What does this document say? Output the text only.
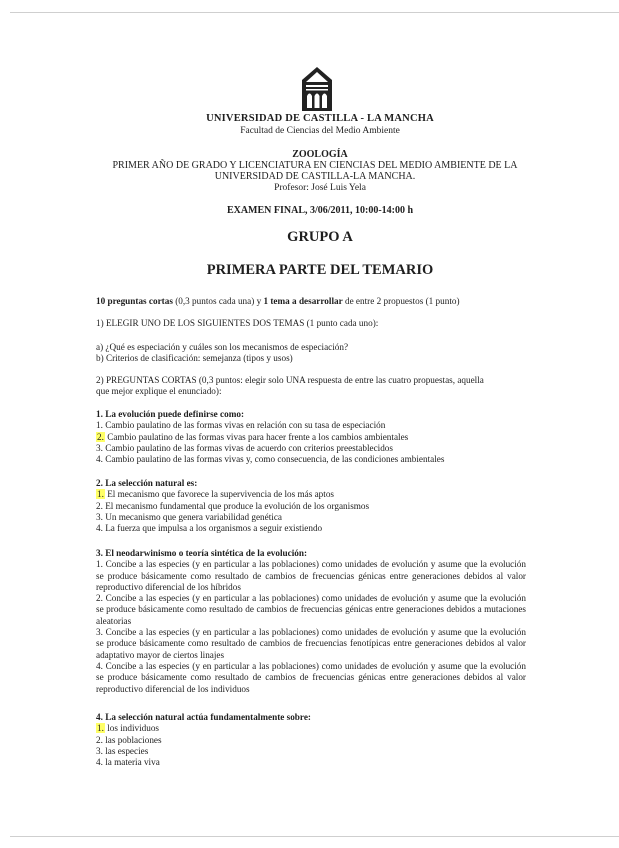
UNIVERSIDAD DE CASTILLA - LA MANCHA
Facultad de Ciencias del Medio Ambiente
ZOOLOGÍA
PRIMER AÑO DE GRADO Y LICENCIATURA EN CIENCIAS DEL MEDIO AMBIENTE DE LA
UNIVERSIDAD DE CASTILLA-LA MANCHA.
Profesor: José Luis Yela
EXAMEN FINAL, 3/06/2011, 10:00-14:00 h
GRUPO A
PRIMERA PARTE DEL TEMARIO
10 preguntas cortas (0,3 puntos cada una) y 1 tema a desarrollar de entre 2 propuestos (1 punto)
1) ELEGIR UNO DE LOS SIGUIENTES DOS TEMAS (1 punto cada uno):
a) ¿Qué es especiación y cuáles son los mecanismos de especiación?
b) Criterios de clasificación: semejanza (tipos y usos)
2) PREGUNTAS CORTAS (0,3 puntos: elegir solo UNA respuesta de entre las cuatro propuestas, aquella
que mejor explique el enunciado):
1. La evolución puede definirse como:
1. Cambio paulatino de las formas vivas en relación con su tasa de especiación
2. Cambio paulatino de las formas vivas para hacer frente a los cambios ambientales
3. Cambio paulatino de las formas vivas de acuerdo con criterios preestablecidos
4. Cambio paulatino de las formas vivas y, como consecuencia, de las condiciones ambientales
2. La selección natural es:
1. El mecanismo que favorece la supervivencia de los más aptos
2. El mecanismo fundamental que produce la evolución de los organismos
3. Un mecanismo que genera variabilidad genética
4. La fuerza que impulsa a los organismos a seguir existiendo
3. El neodarwinismo o teoría sintética de la evolución:
1. Concibe a las especies (y en particular a las poblaciones) como unidades de evolución y asume que la evolución se produce básicamente como resultado de cambios de frecuencias génicas entre generaciones debidos al valor reproductivo diferencial de los híbridos
2. Concibe a las especies (y en particular a las poblaciones) como unidades de evolución y asume que la evolución se produce básicamente como resultado de cambios de frecuencias génicas entre generaciones debidos a mutaciones aleatorias
3. Concibe a las especies (y en particular a las poblaciones) como unidades de evolución y asume que la evolución se produce básicamente como resultado de cambios de frecuencias fenotípicas entre generaciones debidos al valor adaptativo mayor de ciertos linajes
4. Concibe a las especies (y en particular a las poblaciones) como unidades de evolución y asume que la evolución se produce básicamente como resultado de cambios de frecuencias génicas entre generaciones debidos al valor reproductivo diferencial de los individuos
4. La selección natural actúa fundamentalmente sobre:
1. los individuos
2. las poblaciones
3. las especies
4. la materia viva
